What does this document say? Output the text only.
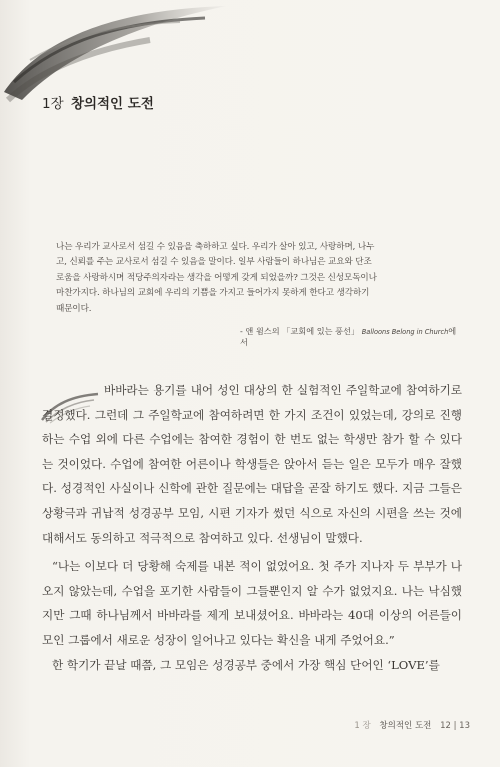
1장 창의적인 도전

나는 우리가 교사로서 섬길 수 있음을 축하하고 싶다. 우리가 살아 있고, 사랑하며, 나누

고, 신뢰를 주는 교사로서 섬길 수 있음을 말이다. 일부 사람들이 하나님은 교요와 단조

로움을 사랑하시며 적당주의자라는 생각을 어떻게 갖게 되었을까? 그것은 신성모독이나

마찬가지다. 하나님의 교회에 우리의 기쁨을 가지고 들어가지 못하게 한다고 생각하기

때문이다.

- 앤 윔스의 「교회에 있는 풍선」 Balloons Belong in Church에서

바바라는 용기를 내어 성인 대상의 한 실험적인 주일학교에 참여하기로 결정했다. 그런데 그 주일학교에 참여하려면 한 가지 조건이 있었는데, 강의로 진행하는 수업 외에 다른 수업에는 참여한 경험이 한 번도 없는 학생만 참가 할 수 있다는 것이었다. 수업에 참여한 어른이나 학생들은 앉아서 듣는 일은 모두가 매우 잘했다. 성경적인 사실이나 신학에 관한 질문에는 대답을 곧잘 하기도 했다. 지금 그들은 상황극과 귀납적 성경공부 모임, 시편 기자가 썼던 식으로 자신의 시편을 쓰는 것에 대해서도 동의하고 적극적으로 참여하고 있다. 선생님이 말했다.

“나는 이보다 더 당황해 숙제를 내본 적이 없었어요. 첫 주가 지나자 두 부부가 나오지 않았는데, 수업을 포기한 사람들이 그들뿐인지 알 수가 없었지요. 나는 낙심했지만 그때 하나님께서 바바라를 제게 보내셨어요. 바바라는 40대 이상의 어른들이 모인 그룹에서 새로운 성장이 일어나고 있다는 확신을 내게 주었어요.”

한 학기가 끝날 때쯤, 그 모임은 성경공부 중에서 가장 핵심 단어인 ‘LOVE’를

1 장 창의적인 도전 12 | 13
